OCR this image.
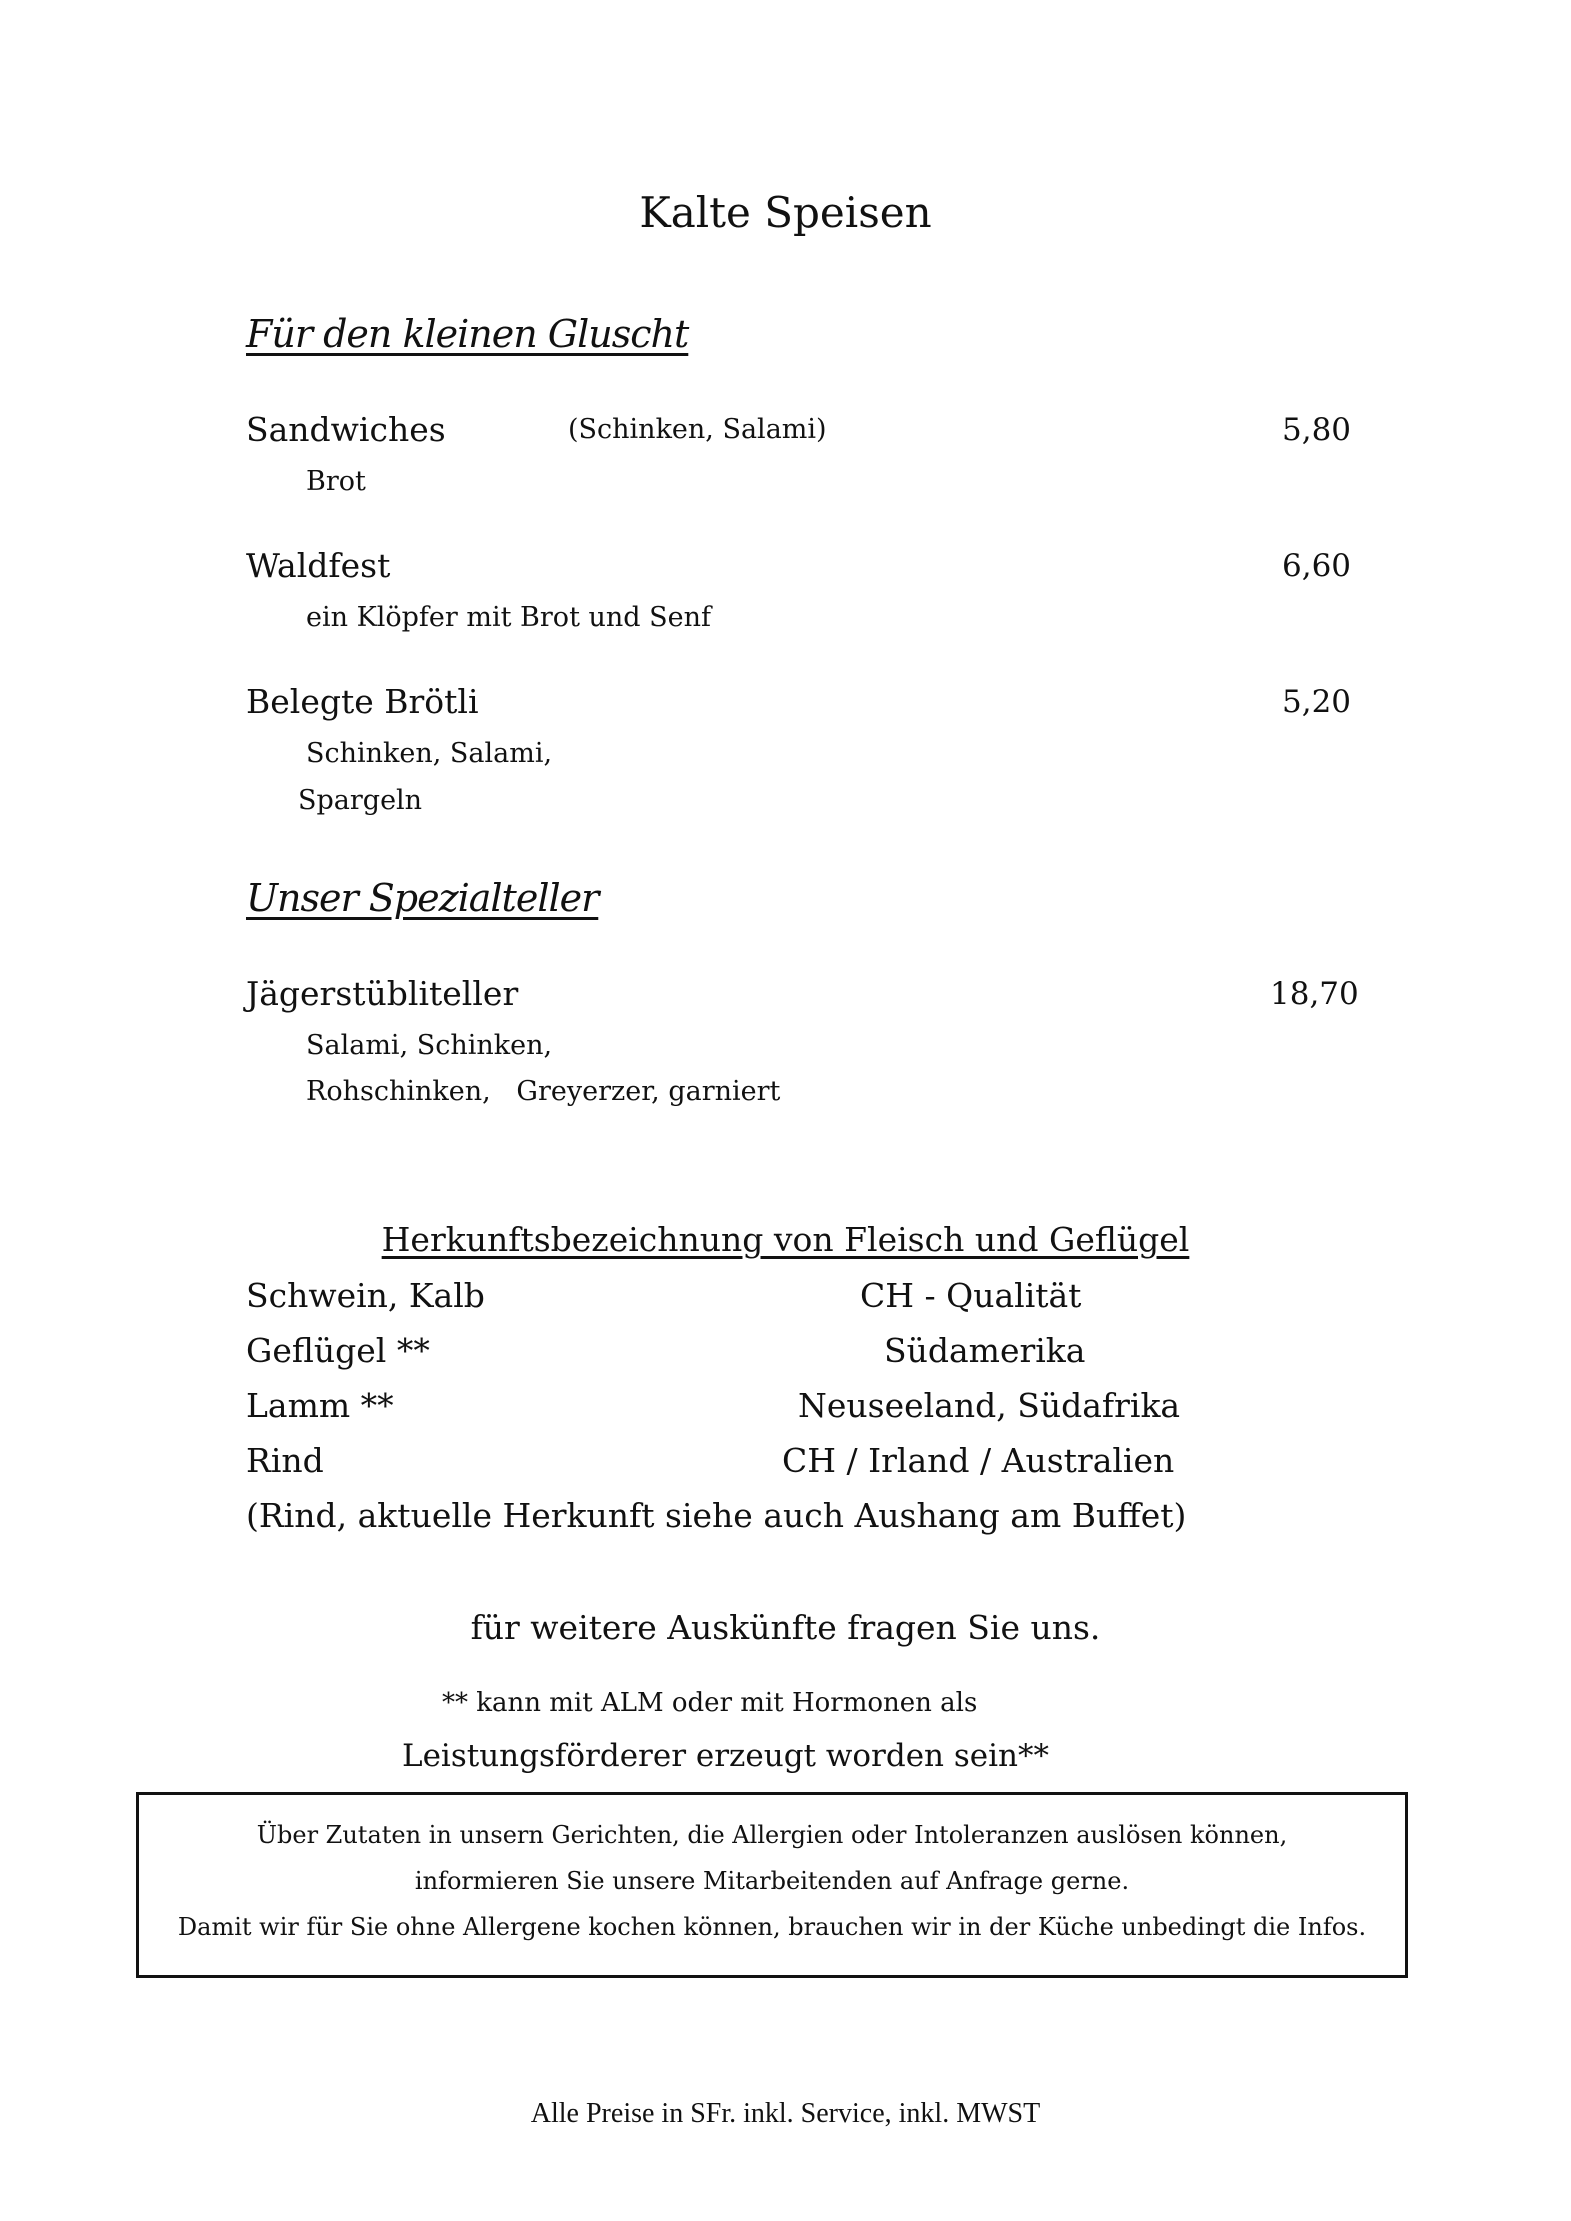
Kalte Speisen
Für den kleinen Gluscht
Sandwiches	(Schinken, Salami)	5,80
Brot
Waldfest	6,60
ein Klöpfer mit Brot und Senf
Belegte Brötli	5,20
Schinken, Salami,
Spargeln
Unser Spezialteller
Jägerstübliteller	18,70
Salami, Schinken,
Rohschinken,   Greyerzer, garniert
Herkunftsbezeichnung von Fleisch und Geflügel
Schwein, Kalb	CH - Qualität
Geflügel **	Südamerika
Lamm **	Neuseeland, Südafrika
Rind	CH / Irland / Australien
(Rind, aktuelle Herkunft siehe auch Aushang am Buffet)
für weitere Auskünfte fragen Sie uns.
** kann mit ALM oder mit Hormonen als
Leistungsförderer erzeugt worden sein**
Über Zutaten in unsern Gerichten, die Allergien oder Intoleranzen auslösen können,
informieren Sie unsere Mitarbeitenden auf Anfrage gerne.
Damit wir für Sie ohne Allergene kochen können, brauchen wir in der Küche unbedingt die Infos.
Alle Preise in SFr. inkl. Service, inkl. MWST
